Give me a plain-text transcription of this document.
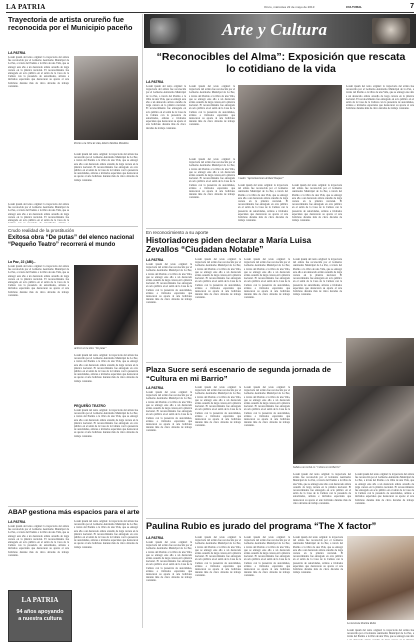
LA PATRIA	Oruro, miércoles 22 de mayo de 2013	CULTURAL	7
Trayectoria de artista orureño fue reconocida por el Municipio paceño
LA PATRIA
Lorem ipsum del texto original: la trayectoria del artista fue reconocida por el Gobierno Autónomo Municipal de La Paz, a través del Premio a la Obra de una Vida, que se entregó este año a un destacado artista orureño de larga carrera en la plástica nacional. El reconocimiento fue entregado en acto público en el salón de la Casa de la Cultura con la presencia de autoridades, artistas e invitados especiales que destacaron su aporte al arte boliviano durante más de cinco décadas de trabajo constante.
Premio a la Obra de vida, Alberto Medina Mendieta
Lorem ipsum del texto original: la trayectoria del artista fue reconocida por el Gobierno Autónomo Municipal de La Paz, a través del Premio a la Obra de una Vida, que se entregó este año a un destacado artista orureño de larga carrera en la plástica nacional. El reconocimiento fue entregado en acto público en el salón de la Casa de la Cultura con la presencia de autoridades, artistas e invitados especiales que destacaron su aporte al arte boliviano durante más de cinco décadas de trabajo constante.
Lorem ipsum del texto original: la trayectoria del artista fue reconocida por el Gobierno Autónomo Municipal de La Paz, a través del Premio a la Obra de una Vida, que se entregó este año a un destacado artista orureño de larga carrera en la plástica nacional. El reconocimiento fue entregado en acto público en el salón de la Casa de la
Crudo realidad de la prostitución
Exitosa obra “De putas” del elenco nacional “Pequeño Teatro” recorrerá el mundo
La Paz, 22 (ABI).-
Lorem ipsum del texto original: la trayectoria del artista fue reconocida por el Gobierno Autónomo Municipal de La Paz, a través del Premio a la Obra de una Vida, que se entregó este año a un destacado artista orureño de larga carrera en la plástica nacional. El reconocimiento fue entregado en acto público en el salón de la Casa de la Cultura con la presencia de autoridades, artistas e invitados especiales que destacaron su aporte al arte boliviano durante más de cinco décadas de trabajo constante.
Actrices en la obra “De putas”
Lorem ipsum del texto original: la trayectoria del artista fue reconocida por el Gobierno Autónomo Municipal de La Paz, a través del Premio a la Obra de una Vida, que se entregó este año a un destacado artista orureño de larga carrera en la plástica nacional. El reconocimiento fue entregado en acto público en el salón de la Casa de la Cultura con la presencia de autoridades, artistas e invitados especiales que destacaron su aporte al arte boliviano durante más de cinco décadas de trabajo constante.
PEQUEÑO TEATRO
Lorem ipsum del texto original: la trayectoria del artista fue reconocida por el Gobierno Autónomo Municipal de La Paz, a través del Premio a la Obra de una Vida, que se entregó este año a un destacado artista orureño de larga carrera en la plástica nacional. El reconocimiento fue entregado en acto público en el salón de la Casa de la Cultura con la presencia de autoridades, artistas e invitados especiales que destacaron su aporte al arte boliviano durante más de cinco décadas de trabajo constante.
ABAP gestiona más espacios para el arte
LA PATRIA
Lorem ipsum del texto original: la trayectoria del artista fue reconocida por el Gobierno Autónomo Municipal de La Paz, a través del Premio a la Obra de una Vida, que se entregó este año a un destacado artista orureño de larga carrera en la plástica nacional. El reconocimiento fue entregado en acto público en el salón de la Casa de la Cultura con la presencia de autoridades, artistas e invitados especiales que destacaron su aporte al arte boliviano durante más de cinco décadas de trabajo constante.
Lorem ipsum del texto original: la trayectoria del artista fue reconocida por el Gobierno Autónomo Municipal de La Paz, a través del Premio a la Obra de una Vida, que se entregó este año a un destacado artista orureño de larga carrera en la plástica nacional. El reconocimiento fue entregado en acto público en el salón de la Casa de la Cultura con la presencia de autoridades, artistas e invitados especiales que destacaron su aporte al arte boliviano durante más de cinco décadas de trabajo constante.
LA PATRIA
94 años apoyando
a nuestra cultura
Arte y Cultura
“Reconocibles del Alma”: Exposición que rescata lo cotidiano de la vida
LA PATRIA
Lorem ipsum del texto original: la trayectoria del artista fue reconocida por el Gobierno Autónomo Municipal de La Paz, a través del Premio a la Obra de una Vida, que se entregó este año a un destacado artista orureño de larga carrera en la plástica nacional. El reconocimiento fue entregado en acto público en el salón de la Casa de la Cultura con la presencia de autoridades, artistas e invitados especiales que destacaron su aporte al arte boliviano durante más de cinco décadas de trabajo constante.
Lorem ipsum del texto original: la trayectoria del artista fue reconocida por el Gobierno Autónomo Municipal de La Paz, a través del Premio a la Obra de una Vida, que se entregó este año a un destacado artista orureño de larga carrera en la plástica nacional. El reconocimiento fue entregado en acto público en el salón de la Casa de la Cultura con la presencia de autoridades, artistas e invitados especiales que destacaron su aporte al arte boliviano durante más de cinco décadas de trabajo constante.
Cuadro “Aproximaciones de Raúl Vasquez”
Lorem ipsum del texto original: la trayectoria del artista fue reconocida por el Gobierno Autónomo Municipal de La Paz, a través del Premio a la Obra de una Vida, que se entregó este año a un destacado artista orureño de larga carrera en la plástica nacional. El reconocimiento fue entregado en acto público en el salón de la Casa de la Cultura con la presencia de autoridades, artistas e invitados especiales que destacaron su aporte al arte boliviano durante más de cinco décadas de trabajo constante.
Lorem ipsum del texto original: la trayectoria del artista fue reconocida por el Gobierno Autónomo Municipal de La Paz, a través del Premio a la Obra de una Vida, que se entregó este año a un destacado artista orureño de larga carrera en la plástica nacional. El reconocimiento fue entregado en acto público en el salón de la Casa de la Cultura con la presencia de autoridades, artistas e invitados especiales que destacaron su aporte al arte boliviano durante más de cinco décadas de trabajo constante.
Lorem ipsum del texto original: la trayectoria del artista fue reconocida por el Gobierno Autónomo Municipal de La Paz, a través del Premio a la Obra de una Vida, que se entregó este año a un destacado artista orureño de larga carrera en la plástica nacional. El reconocimiento fue entregado en acto público en el salón de la Casa de la Cultura con la presencia de autoridades, artistas e invitados especiales que destacaron su aporte al arte boliviano durante más de cinco décadas de trabajo constante.
Lorem ipsum del texto original: la trayectoria del artista fue reconocida por el Gobierno Autónomo Municipal de La Paz, a través del Premio a la Obra de una Vida, que se entregó este año a un destacado artista orureño de larga carrera en la plástica nacional. El reconocimiento fue entregado en acto público en el salón de la Casa de la Cultura con la presencia de autoridades, artistas e invitados especiales que destacaron su aporte al arte boliviano durante más de cinco décadas de trabajo constante.
En reconocimiento a su aporte
Historiadores piden declarar a María Luisa Zevallos “Ciudadana Notable”
LA PATRIA
Lorem ipsum del texto original: la trayectoria del artista fue reconocida por el Gobierno Autónomo Municipal de La Paz, a través del Premio a la Obra de una Vida, que se entregó este año a un destacado artista orureño de larga carrera en la plástica nacional. El reconocimiento fue entregado en acto público en el salón de la Casa de la Cultura con la presencia de autoridades, artistas e invitados especiales que destacaron su aporte al arte boliviano durante más de cinco décadas de trabajo constante.
Lorem ipsum del texto original: la trayectoria del artista fue reconocida por el Gobierno Autónomo Municipal de La Paz, a través del Premio a la Obra de una Vida, que se entregó este año a un destacado artista orureño de larga carrera en la plástica nacional. El reconocimiento fue entregado en acto público en el salón de la Casa de la Cultura con la presencia de autoridades, artistas e invitados especiales que destacaron su aporte al arte boliviano durante más de cinco décadas de trabajo constante.
Lorem ipsum del texto original: la trayectoria del artista fue reconocida por el Gobierno Autónomo Municipal de La Paz, a través del Premio a la Obra de una Vida, que se entregó este año a un destacado artista orureño de larga carrera en la plástica nacional. El reconocimiento fue entregado en acto público en el salón de la Casa de la Cultura con la presencia de autoridades, artistas e invitados especiales que destacaron su aporte al arte boliviano durante más de cinco décadas de trabajo constante.
Lorem ipsum del texto original: la trayectoria del artista fue reconocida por el Gobierno Autónomo Municipal de La Paz, a través del Premio a la Obra de una Vida, que se entregó este año a un destacado artista orureño de larga carrera en la plástica nacional. El reconocimiento fue entregado en acto público en el salón de la Casa de la Cultura con la presencia de autoridades, artistas e invitados especiales que destacaron su aporte al arte boliviano durante más de cinco décadas de trabajo constante.
Plaza Sucre será escenario de segunda jornada de “Cultura en mi Barrio”
LA PATRIA
Lorem ipsum del texto original: la trayectoria del artista fue reconocida por el Gobierno Autónomo Municipal de La Paz, a través del Premio a la Obra de una Vida, que se entregó este año a un destacado artista orureño de larga carrera en la plástica nacional. El reconocimiento fue entregado en acto público en el salón de la Casa de la Cultura con la presencia de autoridades, artistas e invitados especiales que destacaron su aporte al arte boliviano durante más de cinco décadas de trabajo constante.
Lorem ipsum del texto original: la trayectoria del artista fue reconocida por el Gobierno Autónomo Municipal de La Paz, a través del Premio a la Obra de una Vida, que se entregó este año a un destacado artista orureño de larga carrera en la plástica nacional. El reconocimiento fue entregado en acto público en el salón de la Casa de la Cultura con la presencia de autoridades, artistas e invitados especiales que destacaron su aporte al arte boliviano durante más de cinco décadas de trabajo constante.
Lorem ipsum del texto original: la trayectoria del artista fue reconocida por el Gobierno Autónomo Municipal de La Paz, a través del Premio a la Obra de una Vida, que se entregó este año a un destacado artista orureño de larga carrera en la plástica nacional. El reconocimiento fue entregado en acto público en el salón de la Casa de la Cultura con la presencia de autoridades, artistas e invitados especiales que destacaron su aporte al arte boliviano durante más de cinco décadas de trabajo constante.
Salida a un recital en “Cultura en mi Barrio”
Lorem ipsum del texto original: la trayectoria del artista fue reconocida por el Gobierno Autónomo Municipal de La Paz, a través del Premio a la Obra de una Vida, que se entregó este año a un destacado artista orureño de larga carrera en la plástica nacional. El reconocimiento fue entregado en acto público en el salón de la Casa de la Cultura con la presencia de autoridades, artistas e invitados especiales que destacaron su aporte al arte boliviano durante más de cinco décadas de trabajo constante.
Lorem ipsum del texto original: la trayectoria del artista fue reconocida por el Gobierno Autónomo Municipal de La Paz, a través del Premio a la Obra de una Vida, que se entregó este año a un destacado artista orureño de larga carrera en la plástica nacional. El reconocimiento fue entregado en acto público en el salón de la Casa de la Cultura con la presencia de autoridades, artistas e invitados especiales que destacaron su aporte al arte boliviano durante más de cinco décadas de trabajo constante.
Paulina Rubio es jurado del programa “The X factor”
LA PATRIA
Lorem ipsum del texto original: la trayectoria del artista fue reconocida por el Gobierno Autónomo Municipal de La Paz, a través del Premio a la Obra de una Vida, que se entregó este año a un destacado artista orureño de larga carrera en la plástica nacional. El reconocimiento fue entregado en acto público en el salón de la Casa de la Cultura con la presencia de autoridades, artistas e invitados especiales que destacaron su aporte al arte boliviano durante más de cinco décadas de trabajo constante.
Lorem ipsum del texto original: la trayectoria del artista fue reconocida por el Gobierno Autónomo Municipal de La Paz, a través del Premio a la Obra de una Vida, que se entregó este año a un destacado artista orureño de larga carrera en la plástica nacional. El reconocimiento fue entregado en acto público en el salón de la Casa de la Cultura con la presencia de autoridades, artistas e invitados especiales que destacaron su aporte al arte boliviano durante más de cinco décadas de trabajo constante.
Lorem ipsum del texto original: la trayectoria del artista fue reconocida por el Gobierno Autónomo Municipal de La Paz, a través del Premio a la Obra de una Vida, que se entregó este año a un destacado artista orureño de larga carrera en la plástica nacional. El reconocimiento fue entregado en acto público en el salón de la Casa de la Cultura con la presencia de autoridades, artistas e invitados especiales que destacaron su aporte al arte boliviano durante más de cinco décadas de trabajo constante.
Lorem ipsum del texto original: la trayectoria del artista fue reconocida por el Gobierno Autónomo Municipal de La Paz, a través del Premio a la Obra de una Vida, que se entregó este año a un destacado artista orureño de larga carrera en la plástica nacional. El reconocimiento fue entregado en acto público en el salón de la Casa de la Cultura con la presencia de autoridades, artistas e invitados especiales que destacaron su aporte al arte boliviano durante más de cinco décadas de trabajo constante.
La mexicana Paulina Rubio
Lorem ipsum del texto original: la trayectoria del artista fue reconocida por el Gobierno Autónomo Municipal de La Paz, a través del Premio a la Obra de una Vida, que se entregó este año
